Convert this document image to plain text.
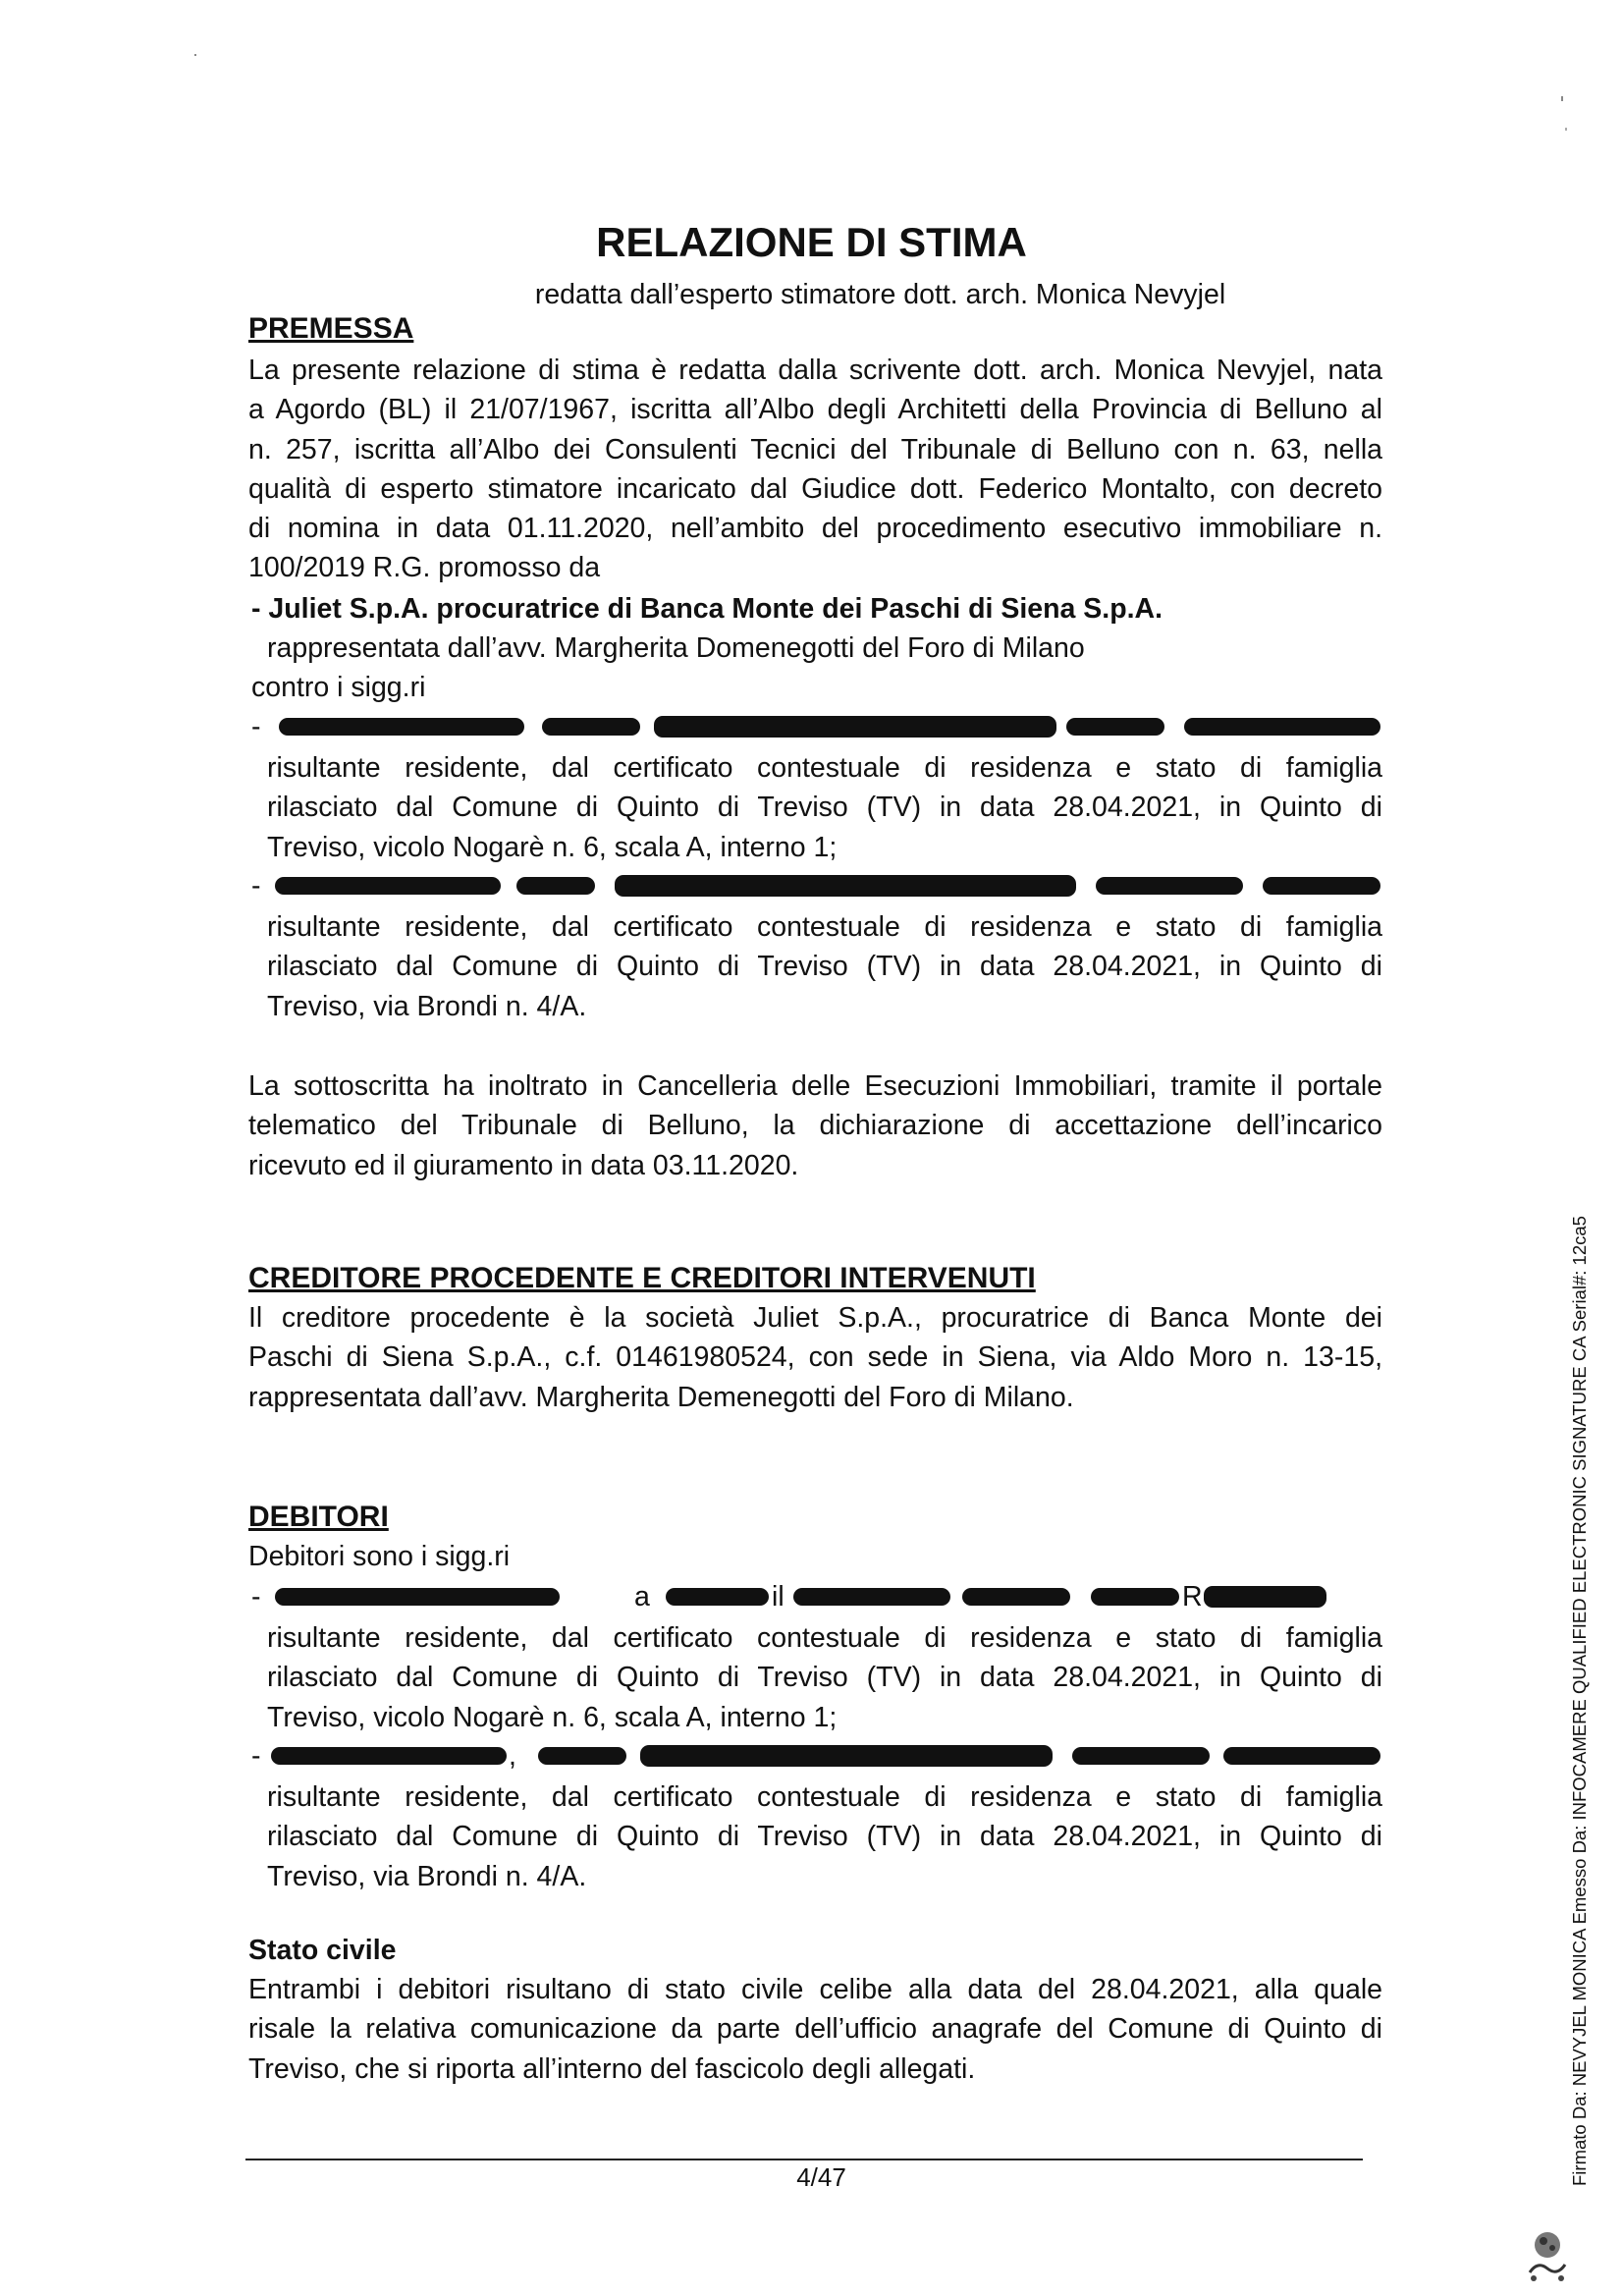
RELAZIONE DI STIMA
redatta dall’esperto stimatore dott. arch. Monica Nevyjel
PREMESSA
La presente relazione di stima è redatta dalla scrivente dott. arch. Monica Nevyjel, nata
a Agordo (BL) il 21/07/1967, iscritta all’Albo degli Architetti della Provincia di Belluno al
n. 257, iscritta all’Albo dei Consulenti Tecnici del Tribunale di Belluno con n. 63, nella
qualità di esperto stimatore incaricato dal Giudice dott. Federico Montalto, con decreto
di nomina in data 01.11.2020, nell’ambito del procedimento esecutivo immobiliare n.
100/2019 R.G. promosso da
- Juliet S.p.A. procuratrice di Banca Monte dei Paschi di Siena S.p.A.
rappresentata dall’avv. Margherita Domenegotti del Foro di Milano
contro i sigg.ri
-
risultante residente, dal certificato contestuale di residenza e stato di famiglia
rilasciato dal Comune di Quinto di Treviso (TV) in data 28.04.2021, in Quinto di
Treviso, vicolo Nogarè n. 6, scala A, interno 1;
-
risultante residente, dal certificato contestuale di residenza e stato di famiglia
rilasciato dal Comune di Quinto di Treviso (TV) in data 28.04.2021, in Quinto di
Treviso, via Brondi n. 4/A.
La sottoscritta ha inoltrato in Cancelleria delle Esecuzioni Immobiliari, tramite il portale
telematico del Tribunale di Belluno, la dichiarazione di accettazione dell’incarico
ricevuto ed il giuramento in data 03.11.2020.
CREDITORE PROCEDENTE E CREDITORI INTERVENUTI
Il creditore procedente è la società Juliet S.p.A., procuratrice di Banca Monte dei
Paschi di Siena S.p.A., c.f. 01461980524, con sede in Siena, via Aldo Moro n. 13-15,
rappresentata dall’avv. Margherita Demenegotti del Foro di Milano.
DEBITORI
Debitori sono i sigg.ri
-	a	il	R
risultante residente, dal certificato contestuale di residenza e stato di famiglia
rilasciato dal Comune di Quinto di Treviso (TV) in data 28.04.2021, in Quinto di
Treviso, vicolo Nogarè n. 6, scala A, interno 1;
-	,
risultante residente, dal certificato contestuale di residenza e stato di famiglia
rilasciato dal Comune di Quinto di Treviso (TV) in data 28.04.2021, in Quinto di
Treviso, via Brondi n. 4/A.
Stato civile
Entrambi i debitori risultano di stato civile celibe alla data del 28.04.2021, alla quale
risale la relativa comunicazione da parte dell’ufficio anagrafe del Comune di Quinto di
Treviso, che si riporta all’interno del fascicolo degli allegati.
4/47	Firmato Da: NEVYJEL MONICA Emesso Da: INFOCAMERE QUALIFIED ELECTRONIC SIGNATURE CA Serial#: 12ca5
